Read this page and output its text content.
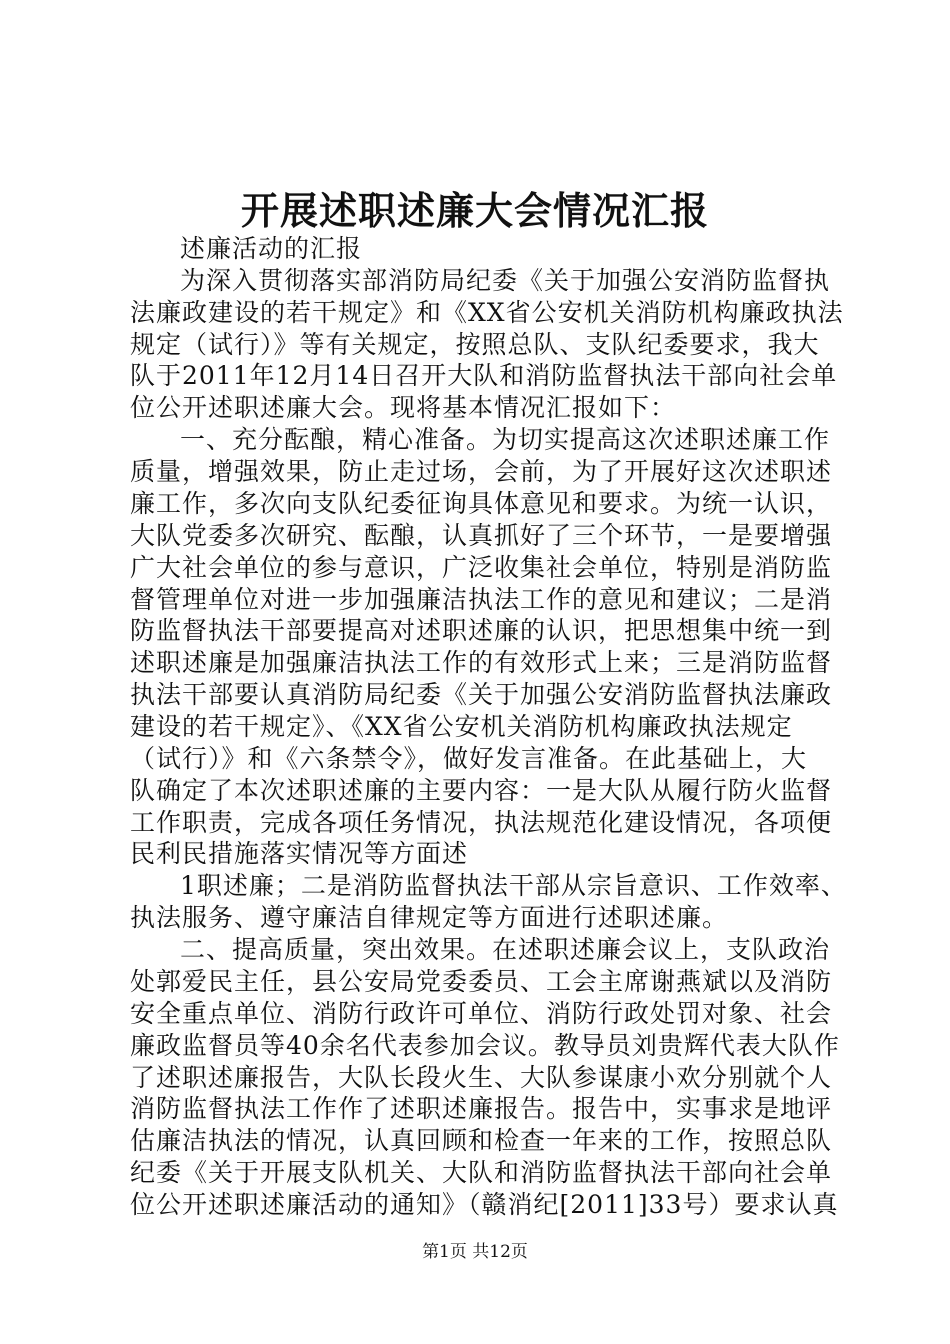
开展述职述廉大会情况汇报
述廉活动的汇报
为深入贯彻落实部消防局纪委《关于加强公安消防监督执
法廉政建设的若干规定》和《XX省公安机关消防机构廉政执法
规定（试行）》等有关规定，按照总队、支队纪委要求，我大
队于2011年12月14日召开大队和消防监督执法干部向社会单
位公开述职述廉大会。现将基本情况汇报如下：
一、充分酝酿，精心准备。为切实提高这次述职述廉工作
质量，增强效果，防止走过场，会前，为了开展好这次述职述
廉工作，多次向支队纪委征询具体意见和要求。为统一认识，
大队党委多次研究、酝酿，认真抓好了三个环节，一是要增强
广大社会单位的参与意识，广泛收集社会单位，特别是消防监
督管理单位对进一步加强廉洁执法工作的意见和建议；二是消
防监督执法干部要提高对述职述廉的认识，把思想集中统一到
述职述廉是加强廉洁执法工作的有效形式上来；三是消防监督
执法干部要认真消防局纪委《关于加强公安消防监督执法廉政
建设的若干规定》、《XX省公安机关消防机构廉政执法规定
（试行）》和《六条禁令》，做好发言准备。在此基础上，大
队确定了本次述职述廉的主要内容：一是大队从履行防火监督
工作职责，完成各项任务情况，执法规范化建设情况，各项便
民利民措施落实情况等方面述
1职述廉；二是消防监督执法干部从宗旨意识、工作效率、
执法服务、遵守廉洁自律规定等方面进行述职述廉。
二、提高质量，突出效果。在述职述廉会议上，支队政治
处郭爱民主任，县公安局党委委员、工会主席谢燕斌以及消防
安全重点单位、消防行政许可单位、消防行政处罚对象、社会
廉政监督员等40余名代表参加会议。教导员刘贵辉代表大队作
了述职述廉报告，大队长段火生、大队参谋康小欢分别就个人
消防监督执法工作作了述职述廉报告。报告中，实事求是地评
估廉洁执法的情况，认真回顾和检查一年来的工作，按照总队
纪委《关于开展支队机关、大队和消防监督执法干部向社会单
位公开述职述廉活动的通知》（赣消纪[2011]33号）要求认真
第1页 共12页
